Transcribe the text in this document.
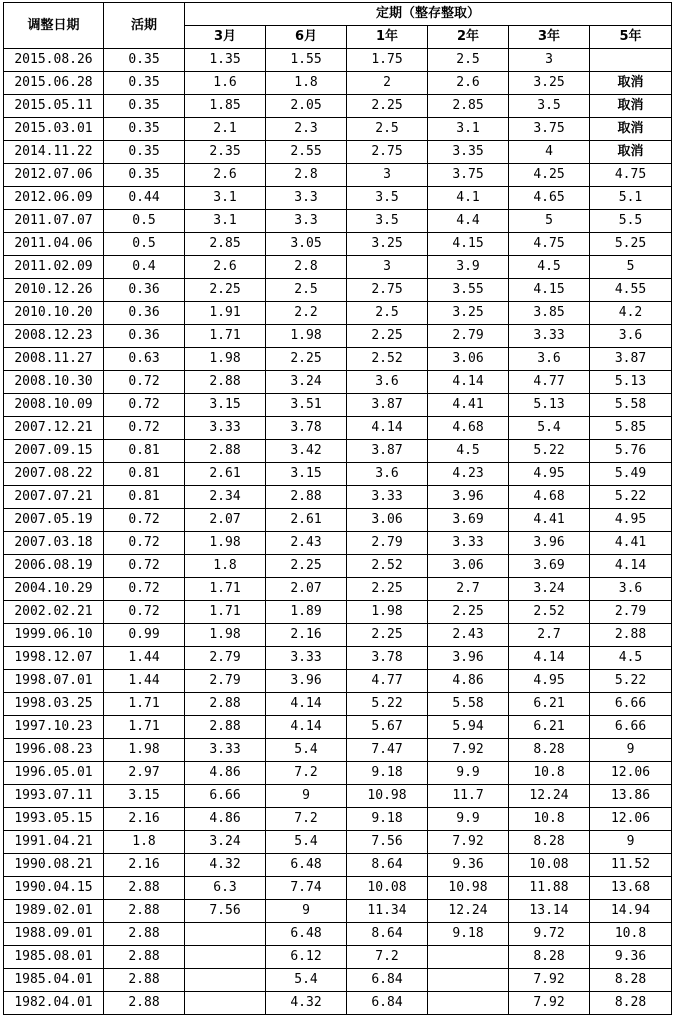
调整日期	活期	定期（整存整取）					
		3月	6月	1年	2年	3年	5年
2015.08.26	0.35	1.35	1.55	1.75	2.5	3	
2015.06.28	0.35	1.6	1.8	2	2.6	3.25	取消
2015.05.11	0.35	1.85	2.05	2.25	2.85	3.5	取消
2015.03.01	0.35	2.1	2.3	2.5	3.1	3.75	取消
2014.11.22	0.35	2.35	2.55	2.75	3.35	4	取消
2012.07.06	0.35	2.6	2.8	3	3.75	4.25	4.75
2012.06.09	0.44	3.1	3.3	3.5	4.1	4.65	5.1
2011.07.07	0.5	3.1	3.3	3.5	4.4	5	5.5
2011.04.06	0.5	2.85	3.05	3.25	4.15	4.75	5.25
2011.02.09	0.4	2.6	2.8	3	3.9	4.5	5
2010.12.26	0.36	2.25	2.5	2.75	3.55	4.15	4.55
2010.10.20	0.36	1.91	2.2	2.5	3.25	3.85	4.2
2008.12.23	0.36	1.71	1.98	2.25	2.79	3.33	3.6
2008.11.27	0.63	1.98	2.25	2.52	3.06	3.6	3.87
2008.10.30	0.72	2.88	3.24	3.6	4.14	4.77	5.13
2008.10.09	0.72	3.15	3.51	3.87	4.41	5.13	5.58
2007.12.21	0.72	3.33	3.78	4.14	4.68	5.4	5.85
2007.09.15	0.81	2.88	3.42	3.87	4.5	5.22	5.76
2007.08.22	0.81	2.61	3.15	3.6	4.23	4.95	5.49
2007.07.21	0.81	2.34	2.88	3.33	3.96	4.68	5.22
2007.05.19	0.72	2.07	2.61	3.06	3.69	4.41	4.95
2007.03.18	0.72	1.98	2.43	2.79	3.33	3.96	4.41
2006.08.19	0.72	1.8	2.25	2.52	3.06	3.69	4.14
2004.10.29	0.72	1.71	2.07	2.25	2.7	3.24	3.6
2002.02.21	0.72	1.71	1.89	1.98	2.25	2.52	2.79
1999.06.10	0.99	1.98	2.16	2.25	2.43	2.7	2.88
1998.12.07	1.44	2.79	3.33	3.78	3.96	4.14	4.5
1998.07.01	1.44	2.79	3.96	4.77	4.86	4.95	5.22
1998.03.25	1.71	2.88	4.14	5.22	5.58	6.21	6.66
1997.10.23	1.71	2.88	4.14	5.67	5.94	6.21	6.66
1996.08.23	1.98	3.33	5.4	7.47	7.92	8.28	9
1996.05.01	2.97	4.86	7.2	9.18	9.9	10.8	12.06
1993.07.11	3.15	6.66	9	10.98	11.7	12.24	13.86
1993.05.15	2.16	4.86	7.2	9.18	9.9	10.8	12.06
1991.04.21	1.8	3.24	5.4	7.56	7.92	8.28	9
1990.08.21	2.16	4.32	6.48	8.64	9.36	10.08	11.52
1990.04.15	2.88	6.3	7.74	10.08	10.98	11.88	13.68
1989.02.01	2.88	7.56	9	11.34	12.24	13.14	14.94
1988.09.01	2.88		6.48	8.64	9.18	9.72	10.8
1985.08.01	2.88		6.12	7.2		8.28	9.36
1985.04.01	2.88		5.4	6.84		7.92	8.28
1982.04.01	2.88		4.32	6.84		7.92	8.28
